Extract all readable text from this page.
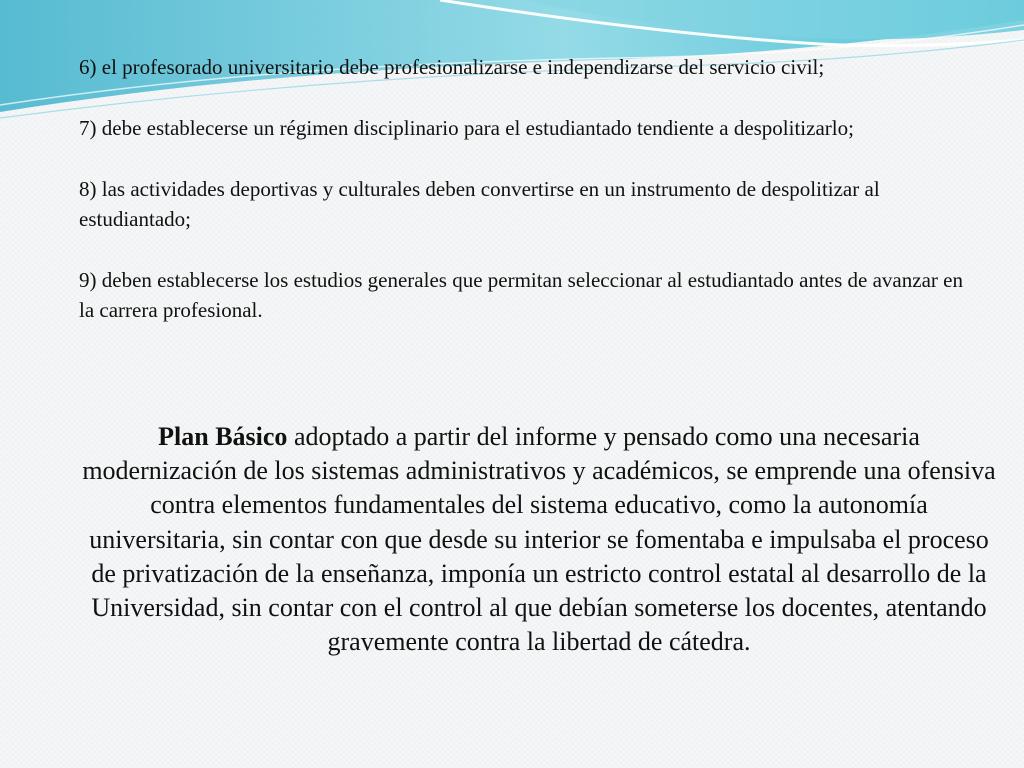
6) el profesorado universitario debe profesionalizarse e independizarse del servicio civil;
7) debe establecerse un régimen disciplinario para el estudiantado tendiente a despolitizarlo;
8) las actividades deportivas y culturales deben convertirse en un instrumento de despolitizar al estudiantado;
9) deben establecerse los estudios generales que permitan seleccionar al estudiantado antes de avanzar en la carrera profesional.

Plan Básico adoptado a partir del informe y pensado como una necesaria modernización de los sistemas administrativos y académicos, se emprende una ofensiva contra elementos fundamentales del sistema educativo, como la autonomía universitaria, sin contar con que desde su interior se fomentaba e impulsaba el proceso de privatización de la enseñanza, imponía un estricto control estatal al desarrollo de la Universidad, sin contar con el control al que debían someterse los docentes, atentando gravemente contra la libertad de cátedra.
